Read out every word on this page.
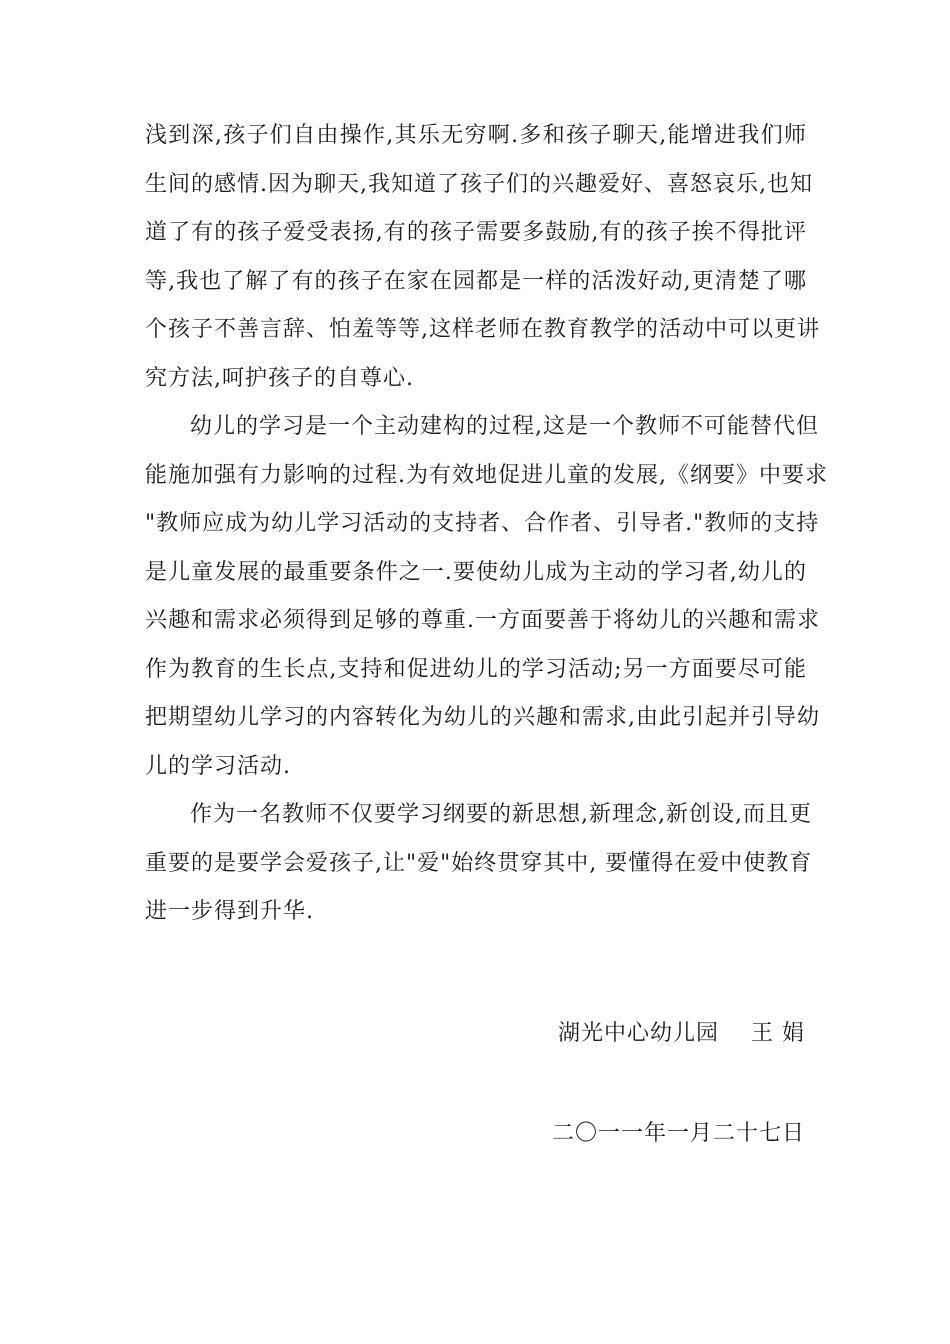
浅到深,孩子们自由操作,其乐无穷啊.多和孩子聊天,能增进我们师
生间的感情.因为聊天,我知道了孩子们的兴趣爱好、喜怒哀乐,也知
道了有的孩子爱受表扬,有的孩子需要多鼓励,有的孩子挨不得批评
等,我也了解了有的孩子在家在园都是一样的活泼好动,更清楚了哪
个孩子不善言辞、怕羞等等,这样老师在教育教学的活动中可以更讲
究方法,呵护孩子的自尊心.
幼儿的学习是一个主动建构的过程,这是一个教师不可能替代但
能施加强有力影响的过程.为有效地促进儿童的发展,《纲要》中要求
"教师应成为幼儿学习活动的支持者、合作者、引导者."教师的支持
是儿童发展的最重要条件之一.要使幼儿成为主动的学习者,幼儿的
兴趣和需求必须得到足够的尊重.一方面要善于将幼儿的兴趣和需求
作为教育的生长点,支持和促进幼儿的学习活动;另一方面要尽可能
把期望幼儿学习的内容转化为幼儿的兴趣和需求,由此引起并引导幼
儿的学习活动.
作为一名教师不仅要学习纲要的新思想,新理念,新创设,而且更
重要的是要学会爱孩子,让"爱"始终贯穿其中, 要懂得在爱中使教育
进一步得到升华.
湖光中心幼儿园 王 娟
二〇一一年一月二十七日
